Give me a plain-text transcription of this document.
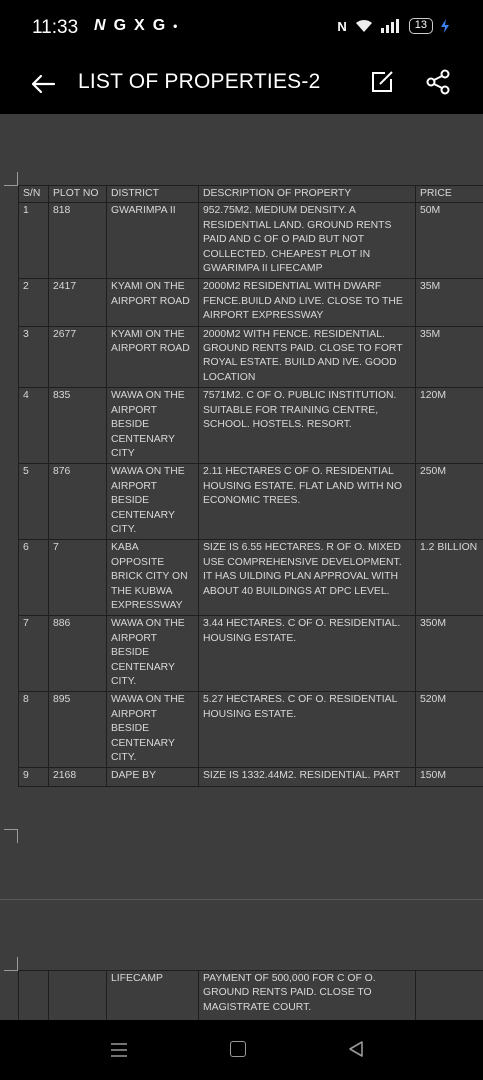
11:33 N G X G •	N	13
LIST OF PROPERTIES-2
S/N	PLOT NO	DISTRICT	DESCRIPTION OF PROPERTY	PRICE
1	818	GWARIMPA II	952.75M2. MEDIUM DENSITY. A RESIDENTIAL LAND. GROUND RENTS PAID AND C OF O PAID BUT NOT COLLECTED. CHEAPEST PLOT IN GWARIMPA II LIFECAMP	50M
2	2417	KYAMI ON THE AIRPORT ROAD	2000M2 RESIDENTIAL WITH DWARF FENCE.BUILD AND LIVE. CLOSE TO THE AIRPORT EXPRESSWAY	35M
3	2677	KYAMI ON THE AIRPORT ROAD	2000M2 WITH FENCE. RESIDENTIAL. GROUND RENTS PAID. CLOSE TO FORT ROYAL ESTATE. BUILD AND IVE. GOOD LOCATION	35M
4	835	WAWA ON THE AIRPORT BESIDE CENTENARY CITY	7571M2. C OF O. PUBLIC INSTITUTION. SUITABLE FOR TRAINING CENTRE, SCHOOL. HOSTELS. RESORT.	120M
5	876	WAWA ON THE AIRPORT BESIDE CENTENARY CITY.	2.11 HECTARES C OF O. RESIDENTIAL HOUSING ESTATE. FLAT LAND WITH NO ECONOMIC TREES.	250M
6	7	KABA OPPOSITE BRICK CITY ON THE KUBWA EXPRESSWAY	SIZE IS 6.55 HECTARES. R OF O. MIXED USE COMPREHENSIVE DEVELOPMENT. IT HAS UILDING PLAN APPROVAL WITH ABOUT 40 BUILDINGS AT DPC LEVEL.	1.2 BILLION
7	886	WAWA ON THE AIRPORT BESIDE CENTENARY CITY.	3.44 HECTARES. C OF O. RESIDENTIAL. HOUSING ESTATE.	350M
8	895	WAWA ON THE AIRPORT BESIDE CENTENARY CITY.	5.27 HECTARES. C OF O. RESIDENTIAL HOUSING ESTATE.	520M
9	2168	DAPE BY	SIZE IS 1332.44M2. RESIDENTIAL. PART	150M
		LIFECAMP	PAYMENT OF 500,000 FOR C OF O. GROUND RENTS PAID. CLOSE TO MAGISTRATE COURT.	
